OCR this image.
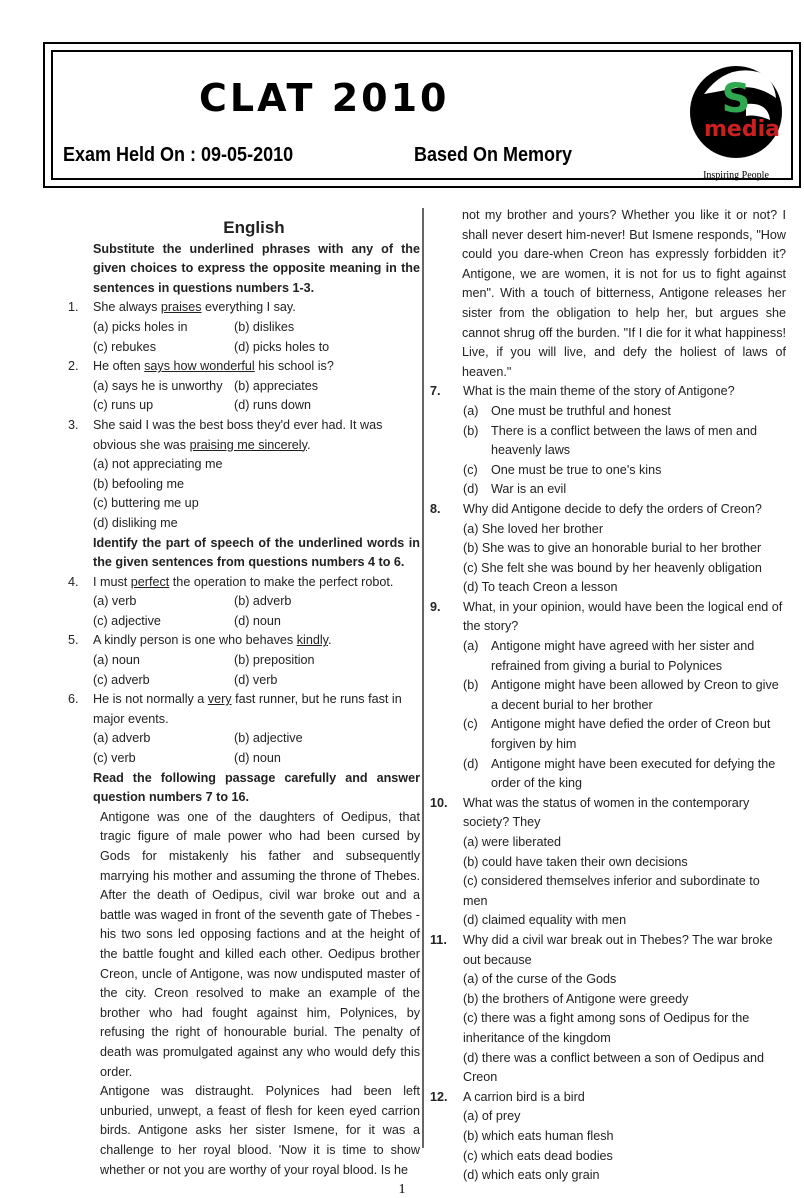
CLAT 2010
Exam Held On : 09-05-2010	Based On Memory
S
media
Inspiring People
English
Substitute the underlined phrases with any of the given choices to express the opposite meaning in the sentences in questions numbers 1-3.
1.	She always praises everything I say.
(a) picks holes in	(b) dislikes
(c) rebukes	(d) picks holes to
2.	He often says how wonderful his school is?
(a) says he is unworthy (b) appreciates
(c) runs up	(d) runs down
3.	She said I was the best boss they'd ever had. It was obvious she was praising me sincerely.
(a) not appreciating me
(b) befooling me
(c) buttering me up
(d) disliking me
Identify the part of speech of the underlined words in the given sentences from questions numbers 4 to 6.
4.	I must perfect the operation to make the perfect robot.
(a) verb	(b) adverb
(c) adjective	(d) noun
5.	A kindly person is one who behaves kindly.
(a) noun	(b) preposition
(c) adverb	(d) verb
6.	He is not normally a very fast runner, but he runs fast in major events.
(a) adverb	(b) adjective
(c) verb	(d) noun
Read the following passage carefully and answer question numbers 7 to 16.
Antigone was one of the daughters of Oedipus, that tragic figure of male power who had been cursed by Gods for mistakenly his father and subsequently marrying his mother and assuming the throne of Thebes. After the death of Oedipus, civil war broke out and a battle was waged in front of the seventh gate of Thebes - his two sons led opposing factions and at the height of the battle fought and killed each other. Oedipus brother Creon, uncle of Antigone, was now undisputed master of the city. Creon resolved to make an example of the brother who had fought against him, Polynices, by refusing the right of honourable burial. The penalty of death was promulgated against any who would defy this order.
Antigone was distraught. Polynices had been left unburied, unwept, a feast of flesh for keen eyed carrion birds. Antigone asks her sister Ismene, for it was a challenge to her royal blood. 'Now it is time to show whether or not you are worthy of your royal blood. Is he
not my brother and yours? Whether you like it or not? I shall never desert him-never! But Ismene responds, "How could you dare-when Creon has expressly forbidden it? Antigone, we are women, it is not for us to fight against men". With a touch of bitterness, Antigone releases her sister from the obligation to help her, but argues she cannot shrug off the burden. "If I die for it what happiness! Live, if you will live, and defy the holiest of laws of heaven."
7.	What is the main theme of the story of Antigone?
(a) One must be truthful and honest
(b) There is a conflict between the laws of men and heavenly laws
(c)	One must be true to one's kins
(d) War is an evil
8.	Why did Antigone decide to defy the orders of Creon?
(a) She loved her brother
(b) She was to give an honorable burial to her brother
(c) She felt she was bound by her heavenly obligation
(d) To teach Creon a lesson
9.	What, in your opinion, would have been the logical end of the story?
(a) Antigone might have agreed with her sister and refrained from giving a burial to Polynices
(b) Antigone might have been allowed by Creon to give a decent burial to her brother
(c)	Antigone might have defied the order of Creon but forgiven by him
(d) Antigone might have been executed for defying the order of the king
10.	What was the status of women in the contemporary society? They
(a) were liberated
(b) could have taken their own decisions
(c) considered themselves inferior and subordinate to men
(d) claimed equality with men
11.	Why did a civil war break out in Thebes? The war broke out because
(a) of the curse of the Gods
(b) the brothers of Antigone were greedy
(c) there was a fight among sons of Oedipus for the inheritance of the kingdom
(d) there was a conflict between a son of Oedipus and Creon
12.	A carrion bird is a bird
(a) of prey
(b) which eats human flesh
(c) which eats dead bodies
(d) which eats only grain
1
